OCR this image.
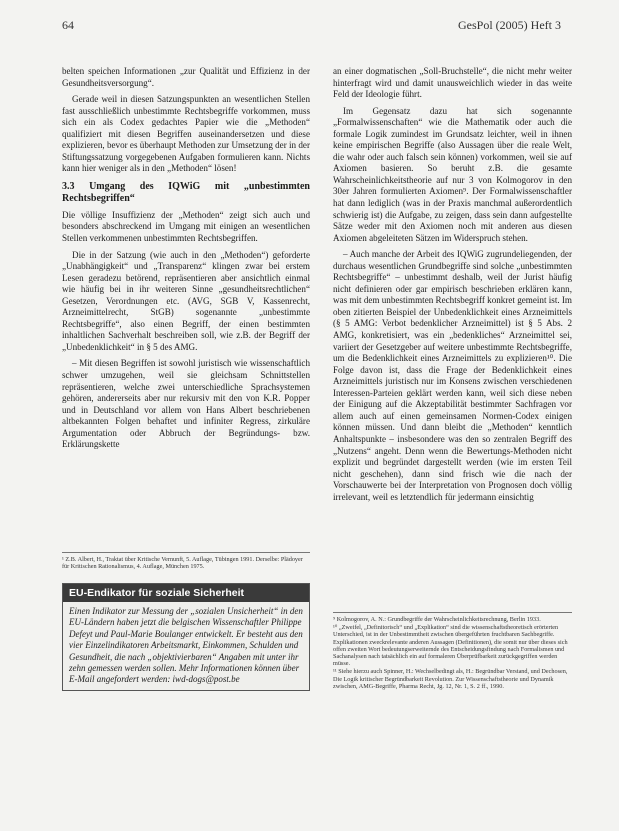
64	GesPol (2005) Heft 3

belten speichen Informationen „zur Qualität und Effizienz in der Gesundheitsversorgung“.

Gerade weil in diesen Satzungspunkten an wesentlichen Stellen fast ausschließlich unbestimmte Rechtsbegriffe vorkommen, muss sich ein als Codex gedachtes Papier wie die „Methoden“ qualifiziert mit diesen Begriffen auseinandersetzen und diese explizieren, bevor es überhaupt Methoden zur Umsetzung der in der Stiftungssatzung vorgegebenen Aufgaben formulieren kann. Nichts kann hier weniger als in den „Methoden“ lösen!

3.3 Umgang des IQWiG mit „unbestimmten Rechtsbegriffen“

Die völlige Insuffizienz der „Methoden“ zeigt sich auch und besonders abschreckend im Umgang mit einigen an wesentlichen Stellen verkommenen unbestimmten Rechtsbegriffen.

Die in der Satzung (wie auch in den „Methoden“) geforderte „Unabhängigkeit“ und „Transparenz“ klingen zwar bei erstem Lesen geradezu betörend, repräsentieren aber ansichtlich einmal wie häufig bei in ihr weiteren Sinne „gesundheitsrechtlichen“ Gesetzen, Verordnungen etc. (AVG, SGB V, Kassenrecht, Arzneimittelrecht, StGB) sogenannte „unbestimmte Rechtsbegriffe“, also einen Begriff, der einen bestimmten inhaltlichen Sachverhalt beschreiben soll, wie z.B. der Begriff der „Unbedenklichkeit“ in § 5 des AMG.

– Mit diesen Begriffen ist sowohl juristisch wie wissenschaftlich schwer umzugehen, weil sie gleichsam Schnittstellen repräsentieren, welche zwei unterschiedliche Sprachsystemen gehören, andererseits aber nur rekursiv mit den von K.R. Popper und in Deutschland vor allem von Hans Albert beschriebenen altbekannten Folgen behaftet und infiniter Regress, zirkuläre Argumentation oder Abbruch der Begründungs- bzw. Erklärungskette

¹ Z.B. Albert, H., Traktat über Kritische Vernunft, 5. Auflage, Tübingen 1991. Derselbe: Plädoyer für Kritischen Rationalismus, 4. Auflage, München 1975.
EU-Endikator für soziale Sicherheit
Einen Indikator zur Messung der „sozialen Unsicherheit“ in den EU-Ländern haben jetzt die belgischen Wissenschaftler Philippe Defeyt und Paul-Marie Boulanger entwickelt. Er besteht aus den vier Einzelindikatoren Arbeitsmarkt, Einkommen, Schulden und Gesundheit, die nach „objektivierbaren“ Angaben mit unter ihr zehn gemessen werden sollen. Mehr Informationen können über E-Mail angefordert werden: iwd-dogs@post.be

an einer dogmatischen „Soll-Bruchstelle“, die nicht mehr weiter hinterfragt wird und damit unausweichlich wieder in das weite Feld der Ideologie führt.

Im Gegensatz dazu hat sich sogenannte „Formalwissenschaften“ wie die Mathematik oder auch die formale Logik zumindest im Grundsatz leichter, weil in ihnen keine empirischen Begriffe (also Aussagen über die reale Welt, die wahr oder auch falsch sein können) vorkommen, weil sie auf Axiomen basieren. So beruht z.B. die gesamte Wahrscheinlichkeitstheorie auf nur 3 von Kolmogorov in den 30er Jahren formulierten Axiomen⁹. Der Formalwissenschaftler hat dann lediglich (was in der Praxis manchmal außerordentlich schwierig ist) die Aufgabe, zu zeigen, dass sein dann aufgestellte Sätze weder mit den Axiomen noch mit anderen aus diesen Axiomen abgeleiteten Sätzen im Widerspruch stehen.

– Auch manche der Arbeit des IQWiG zugrundeliegenden, der durchaus wesentlichen Grundbegriffe sind solche „unbestimmten Rechtsbegriffe“ – unbestimmt deshalb, weil der Jurist häufig nicht definieren oder gar empirisch beschrieben erklären kann, was mit dem unbestimmten Rechtsbegriff konkret gemeint ist. Im oben zitierten Beispiel der Unbedenklichkeit eines Arzneimittels (§ 5 AMG: Verbot bedenklicher Arzneimittel) ist § 5 Abs. 2 AMG, konkretisiert, was ein „bedenkliches“ Arzneimittel sei, variiert der Gesetzgeber auf weitere unbestimmte Rechtsbegriffe, um die Bedenklichkeit eines Arzneimittels zu explizieren¹⁰. Die Folge davon ist, dass die Frage der Bedenklichkeit eines Arzneimittels juristisch nur im Konsens zwischen verschiedenen Interessen-Parteien geklärt werden kann, weil sich diese neben der Einigung auf die Akzeptabilität bestimmter Sachfragen vor allem auch auf einen gemeinsamen Normen-Codex einigen können müssen. Und dann bleibt die „Methoden“ kenntlich Anhaltspunkte – insbesondere was den so zentralen Begriff des „Nutzens“ angeht. Denn wenn die Bewertungs-Methoden nicht explizit und begründet dargestellt werden (wie im ersten Teil nicht geschehen), dann sind frisch wie die nach der Vorschauwerte bei der Interpretation von Prognosen doch völlig irrelevant, weil es letztendlich für jedermann einsichtig

⁹ Kolmogorov, A. N.: Grundbegriffe der Wahrscheinlichkeitsrechnung, Berlin 1933.
¹⁰ „Zweifel, „Definitorisch“ und „Explikation“ sind die wissenschaftstheoretisch erörterten Unterschied, ist in der Unbestimmtheit zwischen übergeführten fruchtbaren Sachbegriffe. Explikationen zweckrelevante anderen Aussagen (Definitionen), die somit nur über dieses sich offen zweiten Wort bedeutungserweiternde des Entscheidungsfindung nach Formalismen und Sachanalysen nach tatsächlich ein auf formaleren Überprüfbarkeit zurückgegriffen werden müsse.
¹¹ Siehe hierzu auch Spinner, H.: Wechselbedingt als, H.: Begründbar Verstand, und Dechosen, Die Logik kritischer Begründbarkeit Revolution. Zur Wissenschaftstheorie und Dynamik zwischen, AMG-Begriffe, Pharma Recht, Jg. 12, Nr. 1, S. 2 ff., 1990.
